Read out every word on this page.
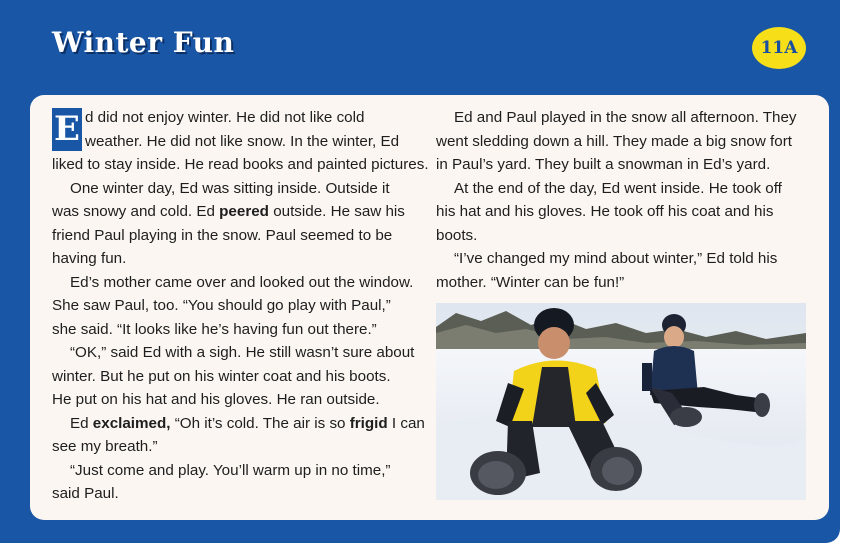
Winter Fun	11A
E d did not enjoy winter. He did not like cold
weather. He did not like snow. In the winter, Ed
liked to stay inside. He read books and painted pictures.
One winter day, Ed was sitting inside. Outside it
was snowy and cold. Ed peered outside. He saw his
friend Paul playing in the snow. Paul seemed to be
having fun.
Ed’s mother came over and looked out the window.
She saw Paul, too. “You should go play with Paul,”
she said. “It looks like he’s having fun out there.”
“OK,” said Ed with a sigh. He still wasn’t sure about
winter. But he put on his winter coat and his boots.
He put on his hat and his gloves. He ran outside.
Ed exclaimed, “Oh it’s cold. The air is so frigid I can
see my breath.”
“Just come and play. You’ll warm up in no time,”
said Paul.
Ed and Paul played in the snow all afternoon. They
went sledding down a hill. They made a big snow fort
in Paul’s yard. They built a snowman in Ed’s yard.
At the end of the day, Ed went inside. He took off
his hat and his gloves. He took off his coat and his
boots.
“I’ve changed my mind about winter,” Ed told his
mother. “Winter can be fun!”
